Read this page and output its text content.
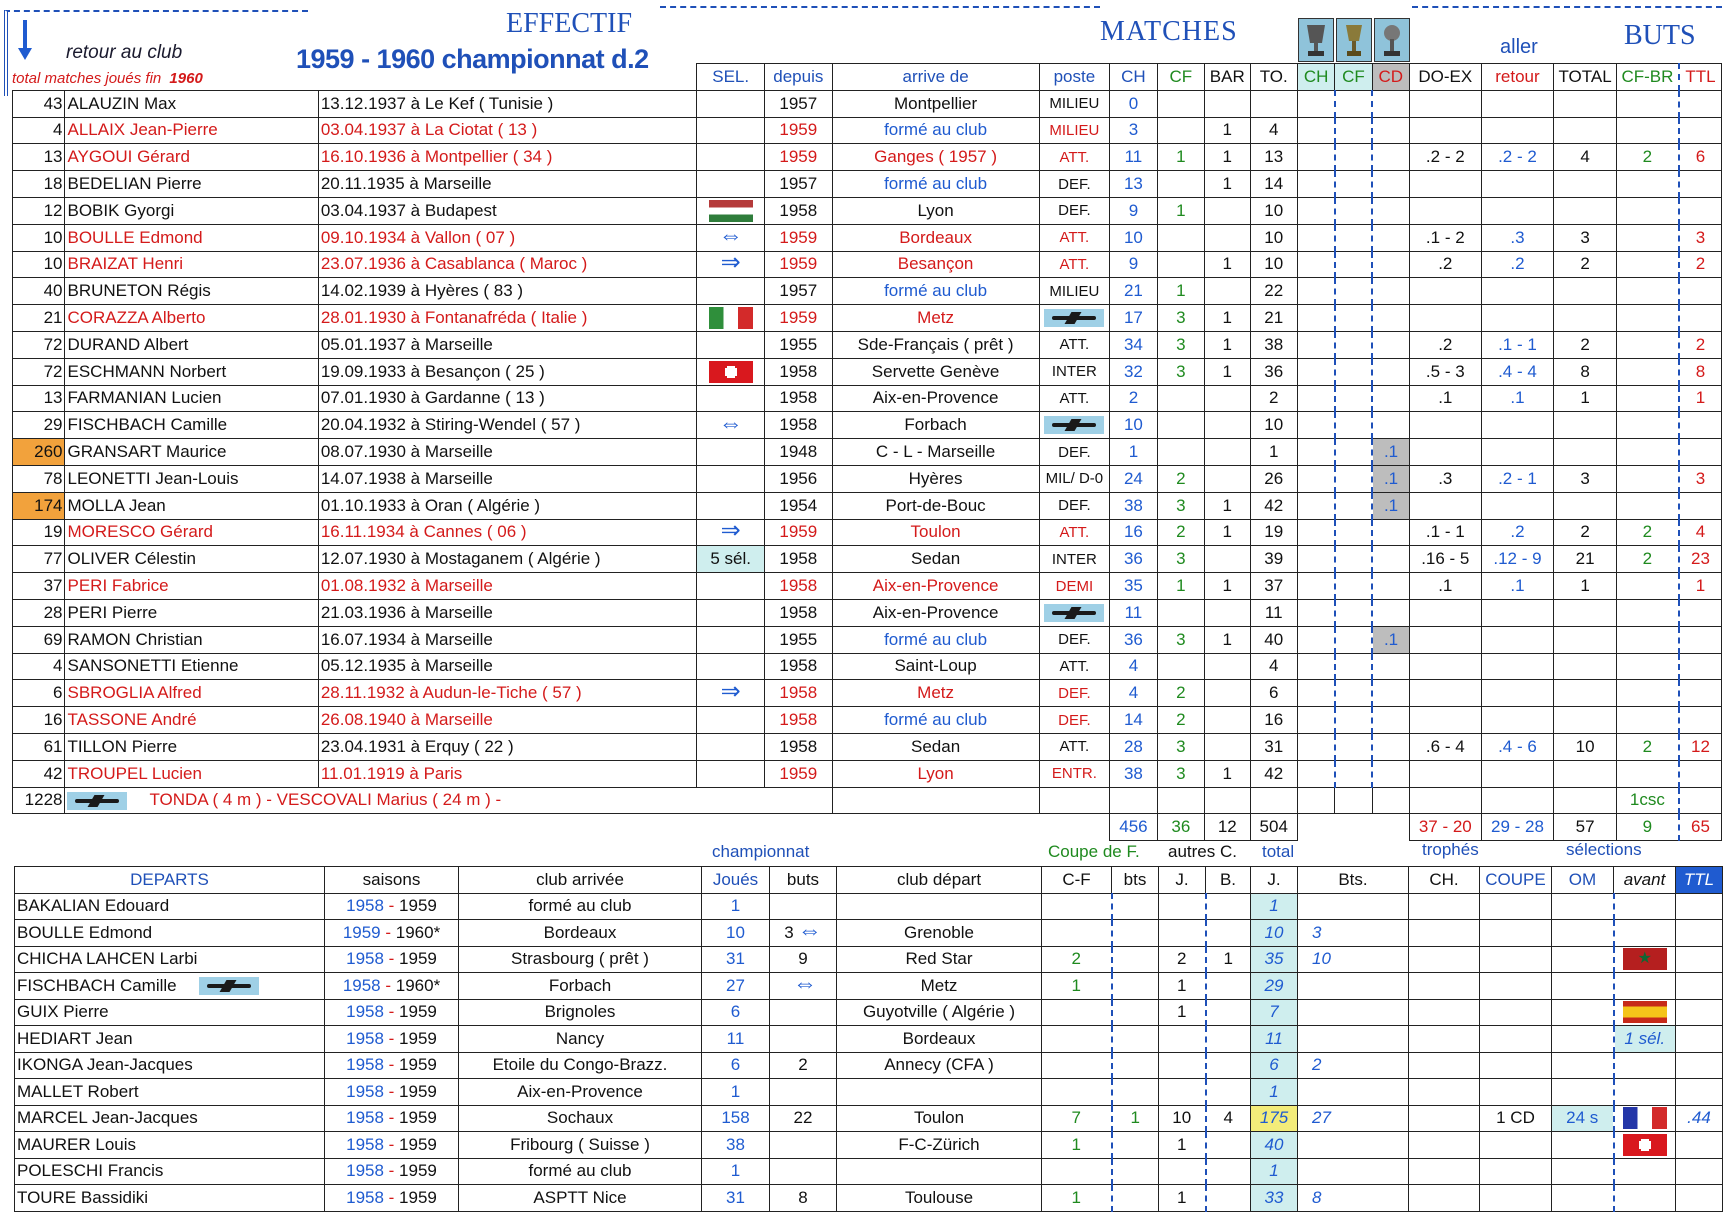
retour au club
total matches joués fin 1960
EFFECTIF
1959 - 1960 championnat d.2
MATCHES	aller	BUTS
			SEL.	depuis	arrive de	poste	CH	CF	BAR	TO.	CH	CF	CD	DO-EX	retour	TOTAL	CF-BR	TTL
43	ALAUZIN Max	13.12.1937 à Le Kef ( Tunisie )		1957	Montpellier	MILIEU	0											
4	ALLAIX Jean-Pierre	03.04.1937 à La Ciotat ( 13 )		1959	formé au club	MILIEU	3		1	4								
13	AYGOUI Gérard	16.10.1936 à Montpellier ( 34 )		1959	Ganges ( 1957 )	ATT.	11	1	1	13				.2 - 2	.2 - 2	4	2	6
18	BEDELIAN Pierre	20.11.1935 à Marseille		1957	formé au club	DEF.	13		1	14								
12	BOBIK Gyorgi	03.04.1937 à Budapest		1958	Lyon	DEF.	9	1		10								
10	BOULLE Edmond	09.10.1934 à Vallon ( 07 )	⇔	1959	Bordeaux	ATT.	10			10				.1 - 2	.3	3		3
10	BRAIZAT Henri	23.07.1936 à Casablanca ( Maroc )	⇒	1959	Besançon	ATT.	9		1	10				.2	.2	2		2
40	BRUNETON Régis	14.02.1939 à Hyères ( 83 )		1957	formé au club	MILIEU	21	1		22								
21	CORAZZA Alberto	28.01.1930 à Fontanafréda ( Italie )		1959	Metz		17	3	1	21								
72	DURAND Albert	05.01.1937 à Marseille		1955	Sde-Français ( prêt )	ATT.	34	3	1	38				.2	.1 - 1	2		2
72	ESCHMANN Norbert	19.09.1933 à Besançon ( 25 )		1958	Servette Genève	INTER	32	3	1	36				.5 - 3	.4 - 4	8		8
13	FARMANIAN Lucien	07.01.1930 à Gardanne ( 13 )		1958	Aix-en-Provence	ATT.	2			2				.1	.1	1		1
29	FISCHBACH Camille	20.04.1932 à Stiring-Wendel ( 57 )	⇔	1958	Forbach		10			10								
260	GRANSART Maurice	08.07.1930 à Marseille		1948	C - L - Marseille	DEF.	1			1			.1					
78	LEONETTI Jean-Louis	14.07.1938 à Marseille		1956	Hyères	MIL/ D-0	24	2		26			.1	.3	.2 - 1	3		3
174	MOLLA Jean	01.10.1933 à Oran ( Algérie )		1954	Port-de-Bouc	DEF.	38	3	1	42			.1					
19	MORESCO Gérard	16.11.1934 à Cannes ( 06 )	⇒	1959	Toulon	ATT.	16	2	1	19				.1 - 1	.2	2	2	4
77	OLIVER Célestin	12.07.1930 à Mostaganem ( Algérie )	5 sél.	1958	Sedan	INTER	36	3		39				.16 - 5	.12 - 9	21	2	23
37	PERI Fabrice	01.08.1932 à Marseille		1958	Aix-en-Provence	DEMI	35	1	1	37				.1	.1	1		1
28	PERI Pierre	21.03.1936 à Marseille		1958	Aix-en-Provence		11			11								
69	RAMON Christian	16.07.1934 à Marseille		1955	formé au club	DEF.	36	3	1	40			.1					
4	SANSONETTI Etienne	05.12.1935 à Marseille		1958	Saint-Loup	ATT.	4			4								
6	SBROGLIA Alfred	28.11.1932 à Audun-le-Tiche ( 57 )	⇒	1958	Metz	DEF.	4	2		6								
16	TASSONE André	26.08.1940 à Marseille		1958	formé au club	DEF.	14	2		16								
61	TILLON Pierre	23.04.1931 à Erquy ( 22 )		1958	Sedan	ATT.	28	3		31				.6 - 4	.4 - 6	10	2	12
42	TROUPEL Lucien	11.01.1919 à Paris		1959	Lyon	ENTR.	38	3	1	42								
1228	TONDA ( 4 m ) - VESCOVALI Marius ( 24 m ) -																1csc	
							456	36	12	504				37 - 20	29 - 28	57	9	65
championnat	Coupe de F. autres C. total	trophés	sélections
DEPARTS	saisons	club arrivée	Joués	buts	club départ	C-F	bts	J.	B.	J.	Bts.	CH.	COUPE	OM	avant	TTL
BAKALIAN Edouard	1958 - 1959	formé au club	1							1						
BOULLE Edmond	1959 - 1960*	Bordeaux	10	3 ⇔	Grenoble					10	3					
CHICHA LAHCEN Larbi	1958 - 1959	Strasbourg ( prêt )	31	9	Red Star	2		2	1	35	10				★	
FISCHBACH Camille	1958 - 1960*	Forbach	27	⇔	Metz	1		1		29						
GUIX Pierre	1958 - 1959	Brignoles	6		Guyotville ( Algérie )			1		7						
HEDIART Jean	1958 - 1959	Nancy	11		Bordeaux					11					1 sél.	
IKONGA Jean-Jacques	1958 - 1959	Etoile du Congo-Brazz.	6	2	Annecy (CFA )					6	2					
MALLET Robert	1958 - 1959	Aix-en-Provence	1							1						
MARCEL Jean-Jacques	1958 - 1959	Sochaux	158	22	Toulon	7	1	10	4	175	27		1 CD	24 s		.44
MAURER Louis	1958 - 1959	Fribourg ( Suisse )	38		F-C-Zürich	1		1		40						
POLESCHI Francis	1958 - 1959	formé au club	1							1						
TOURE Bassidiki	1958 - 1959	ASPTT Nice	31	8	Toulouse	1		1		33	8					
